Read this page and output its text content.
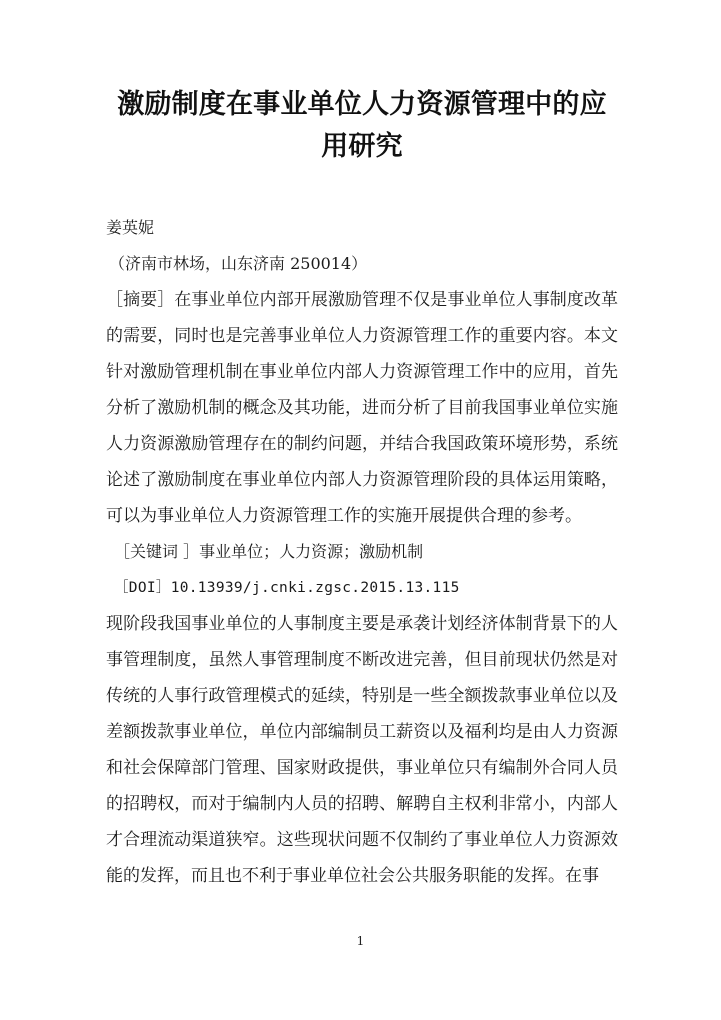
激励制度在事业单位人力资源管理中的应用研究

姜英妮

（济南市林场，山东济南 250014）

［摘要］在事业单位内部开展激励管理不仅是事业单位人事制度改革的需要，同时也是完善事业单位人力资源管理工作的重要内容。本文针对激励管理机制在事业单位内部人力资源管理工作中的应用，首先分析了激励机制的概念及其功能，进而分析了目前我国事业单位实施人力资源激励管理存在的制约问题，并结合我国政策环境形势，系统论述了激励制度在事业单位内部人力资源管理阶段的具体运用策略，可以为事业单位人力资源管理工作的实施开展提供合理的参考。

［关键词 ］事业单位；人力资源；激励机制

［DOI］10.13939/j.cnki.zgsc.2015.13.115

现阶段我国事业单位的人事制度主要是承袭计划经济体制背景下的人事管理制度，虽然人事管理制度不断改进完善，但目前现状仍然是对传统的人事行政管理模式的延续，特别是一些全额拨款事业单位以及差额拨款事业单位，单位内部编制员工薪资以及福利均是由人力资源和社会保障部门管理、国家财政提供，事业单位只有编制外合同人员的招聘权，而对于编制内人员的招聘、解聘自主权利非常小，内部人才合理流动渠道狭窄。这些现状问题不仅制约了事业单位人力资源效能的发挥，而且也不利于事业单位社会公共服务职能的发挥。在事

1
